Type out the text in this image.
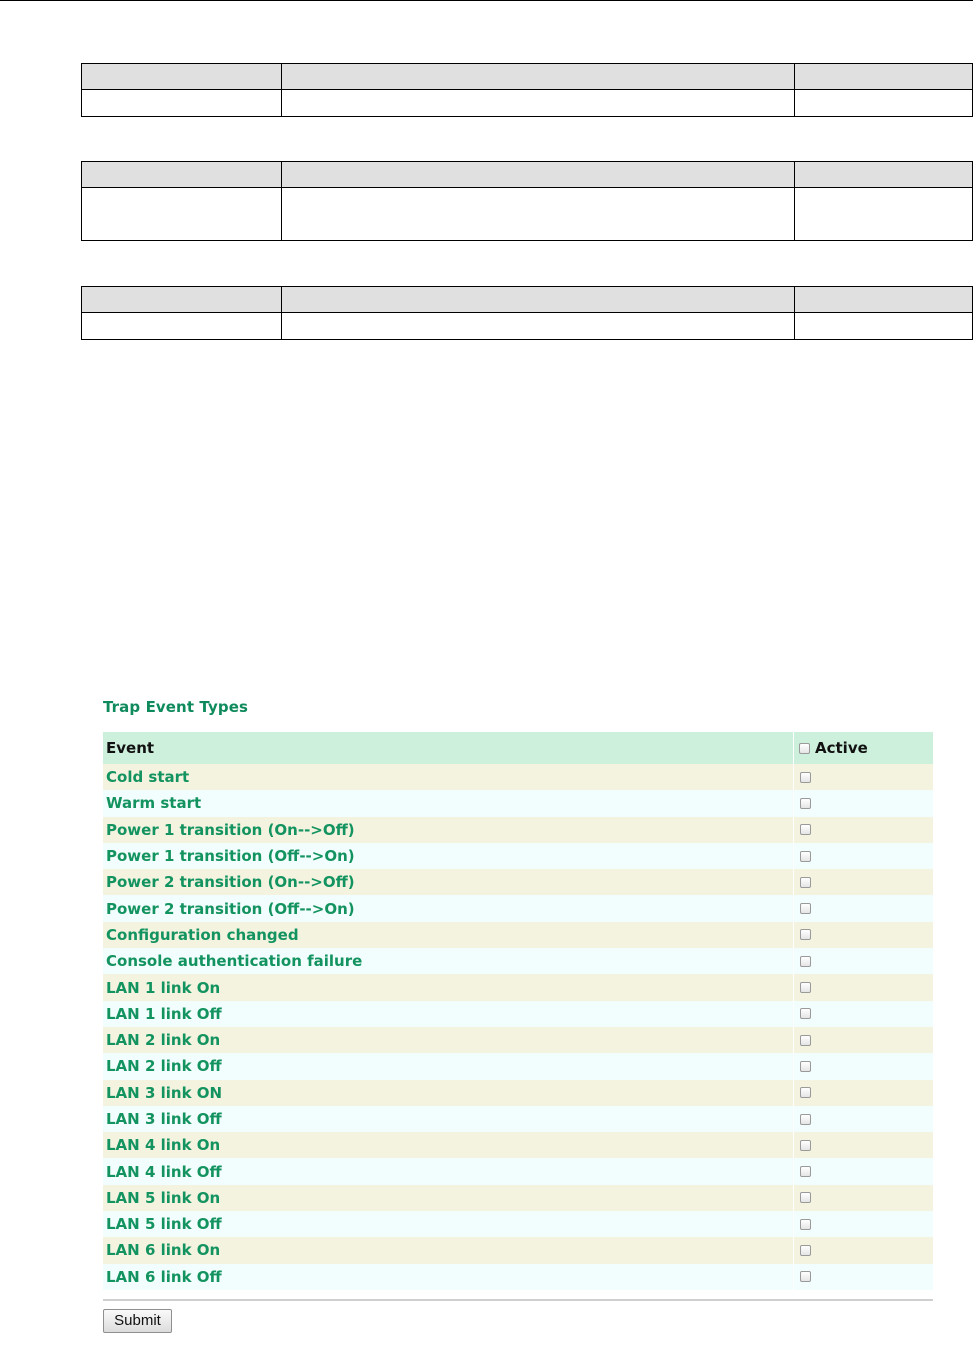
Trap Event Types
Event	Active
Cold start
Warm start
Power 1 transition (On-->Off)
Power 1 transition (Off-->On)
Power 2 transition (On-->Off)
Power 2 transition (Off-->On)
Configuration changed
Console authentication failure
LAN 1 link On
LAN 1 link Off
LAN 2 link On
LAN 2 link Off
LAN 3 link ON
LAN 3 link Off
LAN 4 link On
LAN 4 link Off
LAN 5 link On
LAN 5 link Off
LAN 6 link On
LAN 6 link Off
Submit
